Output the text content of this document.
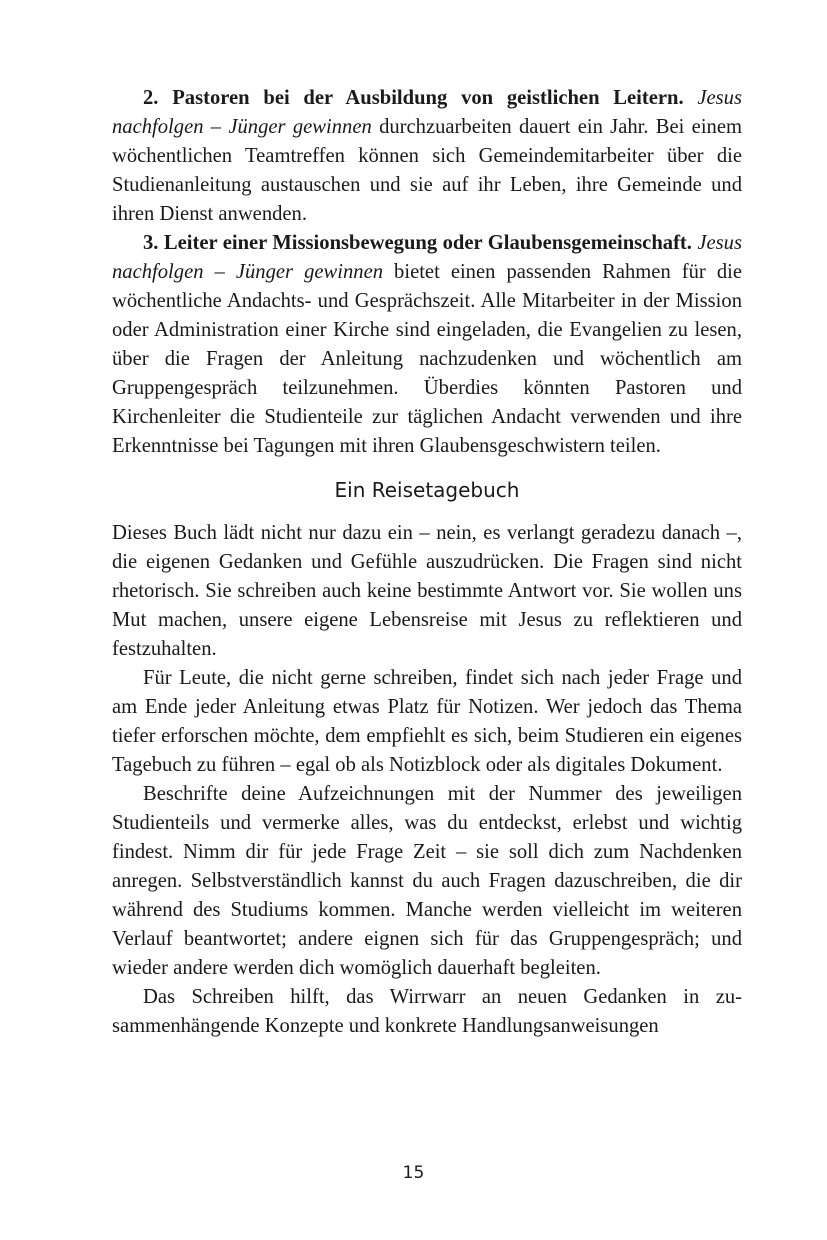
2. Pastoren bei der Ausbildung von geistlichen Leitern. Jesus nachfolgen – Jünger gewinnen durchzuarbeiten dauert ein Jahr. Bei einem wöchentlichen Teamtreffen können sich Gemeindemitarbeiter über die Studienanleitung austauschen und sie auf ihr Leben, ihre Gemeinde und ihren Dienst anwenden.

3. Leiter einer Missionsbewegung oder Glaubensgemeinschaft. Jesus nachfolgen – Jünger gewinnen bietet einen passenden Rahmen für die wöchentliche Andachts- und Gesprächszeit. Alle Mitarbeiter in der Mission oder Administration einer Kirche sind eingeladen, die Evangelien zu lesen, über die Fragen der Anleitung nachzudenken und wöchentlich am Gruppengespräch teilzunehmen. Überdies könnten Pastoren und Kirchenleiter die Studienteile zur täglichen Andacht verwenden und ihre Erkenntnisse bei Tagungen mit ihren Glaubensgeschwistern teilen.

Ein Reisetagebuch

Dieses Buch lädt nicht nur dazu ein – nein, es verlangt geradezu danach –, die eigenen Gedanken und Gefühle auszudrücken. Die Fragen sind nicht rhetorisch. Sie schreiben auch keine bestimmte Antwort vor. Sie wollen uns Mut machen, unsere eigene Lebensreise mit Jesus zu reflektieren und festzuhalten.

Für Leute, die nicht gerne schreiben, findet sich nach jeder Frage und am Ende jeder Anleitung etwas Platz für Notizen. Wer jedoch das Thema tiefer erforschen möchte, dem empfiehlt es sich, beim Studieren ein eigenes Tagebuch zu führen – egal ob als Notizblock oder als digitales Dokument.

Beschrifte deine Aufzeichnungen mit der Nummer des jeweiligen Studienteils und vermerke alles, was du entdeckst, erlebst und wichtig findest. Nimm dir für jede Frage Zeit – sie soll dich zum Nachdenken anregen. Selbstverständlich kannst du auch Fragen dazuschreiben, die dir während des Studiums kommen. Manche werden vielleicht im weiteren Verlauf beantwortet; andere eignen sich für das Gruppengespräch; und wieder andere werden dich womöglich dauerhaft begleiten.

Das Schreiben hilft, das Wirrwarr an neuen Gedanken in zusammenhängende Konzepte und konkrete Handlungsanweisungen

15
